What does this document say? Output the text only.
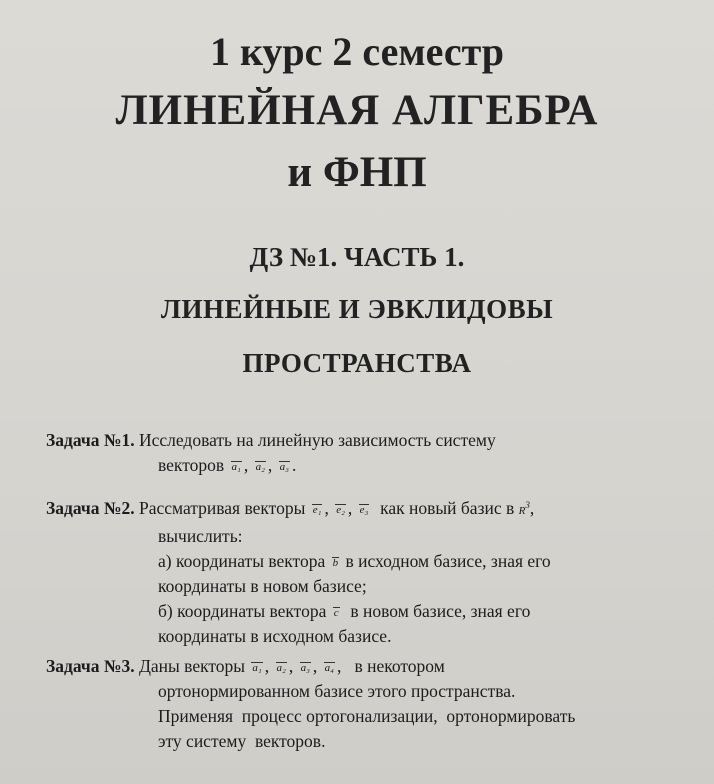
1 курс 2 семестр
ЛИНЕЙНАЯ АЛГЕБРА
и ФНП
ДЗ №1. ЧАСТЬ 1.
ЛИНЕЙНЫЕ И ЭВКЛИДОВЫ
ПРОСТРАНСТВА
Задача №1. Исследовать на линейную зависимость систему
векторов a₁ , a₂ , a₃ .
Задача №2. Рассматривая векторы e₁ , e₂ , e₃ как новый базис в $R^3$,
вычислить:
а) координаты вектора b в исходном базисе, зная его
координаты в новом базисе;
б) координаты вектора c в новом базисе, зная его
координаты в исходном базисе.
Задача №3. Даны векторы a₁ , a₂ , a₃ , a₄ ,   в некотором
ортонормированном базисе этого пространства.
Применяя  процесс ортогонализации,  ортонормировать
эту систему  векторов.
